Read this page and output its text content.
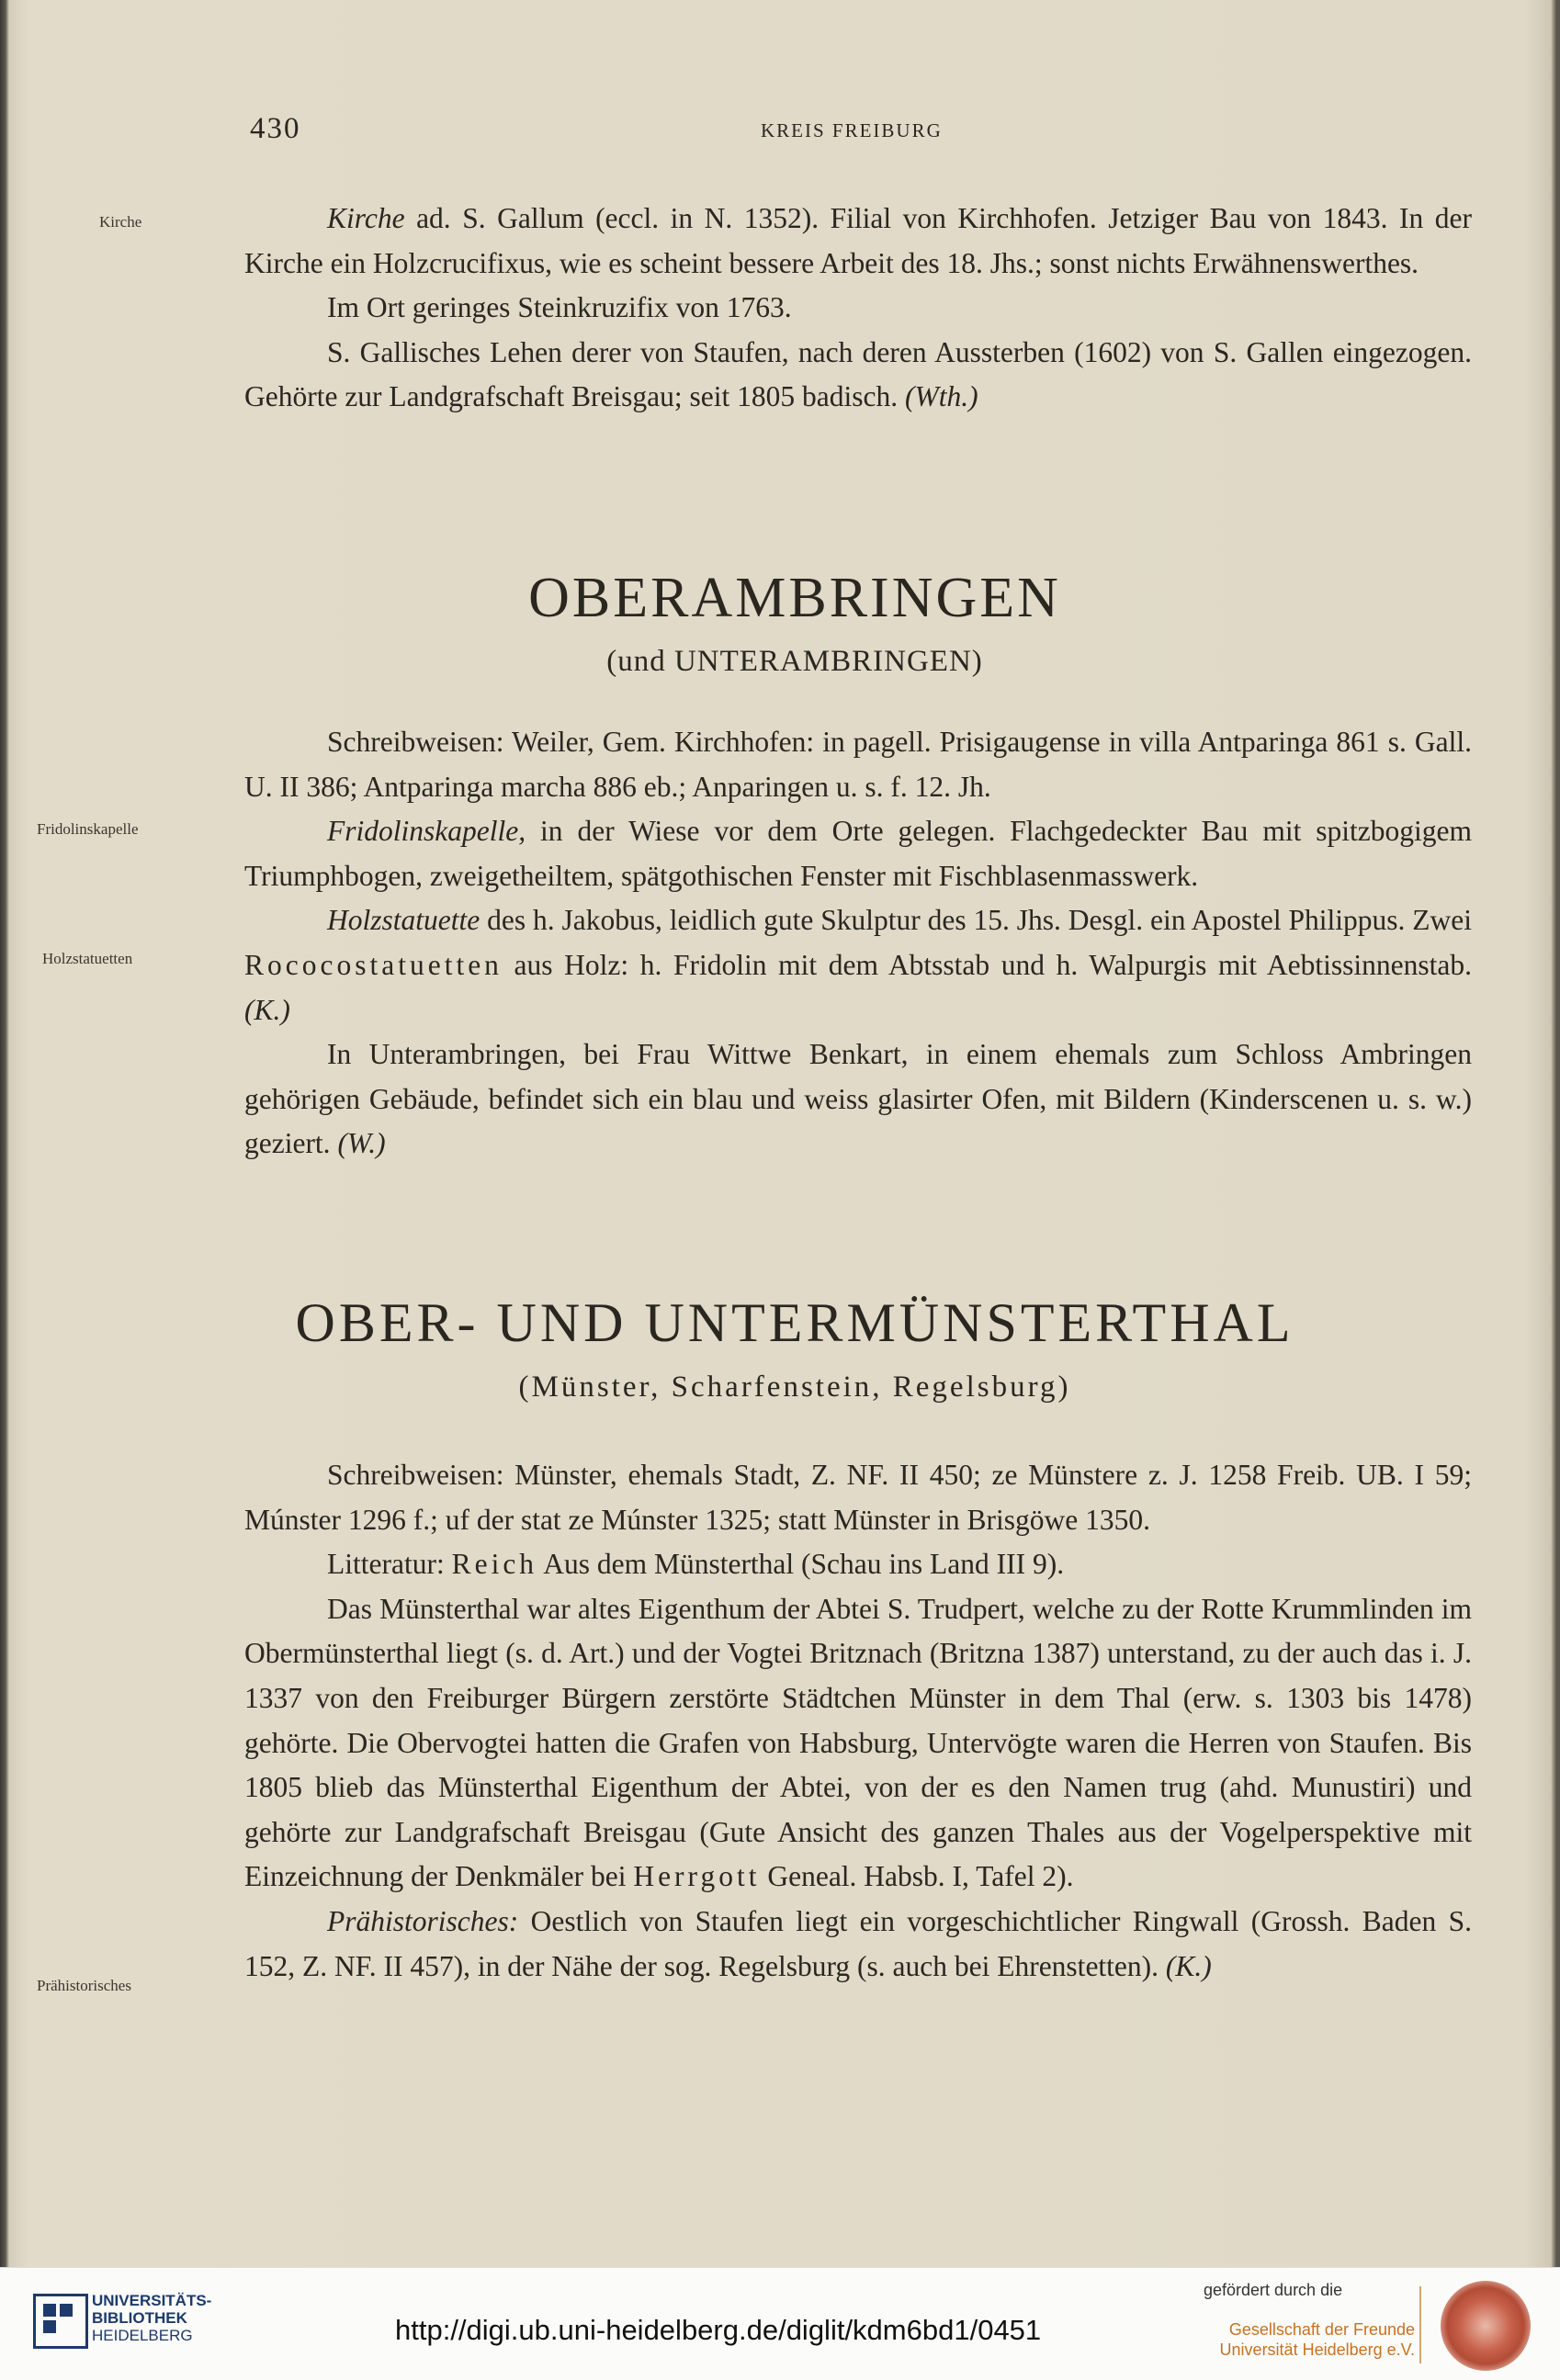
430	KREIS FREIBURG
Kirche
Fridolinskapelle
Holzstatuetten
Prähistorisches

Kirche ad. S. Gallum (eccl. in N. 1352). Filial von Kirchhofen. Jetziger Bau von 1843. In der Kirche ein Holzcrucifixus, wie es scheint bessere Arbeit des 18. Jhs.; sonst nichts Erwähnenswerthes.

Im Ort geringes Steinkruzifix von 1763.

S. Gallisches Lehen derer von Staufen, nach deren Aussterben (1602) von S. Gallen eingezogen. Gehörte zur Landgrafschaft Breisgau; seit 1805 badisch. (Wth.)

OBERAMBRINGEN
(und UNTERAMBRINGEN)

Schreibweisen: Weiler, Gem. Kirchhofen: in pagell. Prisigaugense in villa Antparinga 861 s. Gall. U. II 386; Antparinga marcha 886 eb.; Anparingen u. s. f. 12. Jh.

Fridolinskapelle, in der Wiese vor dem Orte gelegen. Flachgedeckter Bau mit spitzbogigem Triumphbogen, zweigetheiltem, spätgothischen Fenster mit Fischblasenmasswerk.

Holzstatuette des h. Jakobus, leidlich gute Skulptur des 15. Jhs. Desgl. ein Apostel Philippus. Zwei Rococostatuetten aus Holz: h. Fridolin mit dem Abtsstab und h. Walpurgis mit Aebtissinnenstab. (K.)

In Unterambringen, bei Frau Wittwe Benkart, in einem ehemals zum Schloss Ambringen gehörigen Gebäude, befindet sich ein blau und weiss glasirter Ofen, mit Bildern (Kinderscenen u. s. w.) geziert. (W.)

OBER- UND UNTERMÜNSTERTHAL
(Münster, Scharfenstein, Regelsburg)

Schreibweisen: Münster, ehemals Stadt, Z. NF. II 450; ze Münstere z. J. 1258 Freib. UB. I 59; Múnster 1296 f.; uf der stat ze Múnster 1325; statt Münster in Brisgöwe 1350.

Litteratur: Reich Aus dem Münsterthal (Schau ins Land III 9).

Das Münsterthal war altes Eigenthum der Abtei S. Trudpert, welche zu der Rotte Krummlinden im Obermünsterthal liegt (s. d. Art.) und der Vogtei Britznach (Britzna 1387) unterstand, zu der auch das i. J. 1337 von den Freiburger Bürgern zerstörte Städtchen Münster in dem Thal (erw. s. 1303 bis 1478) gehörte. Die Obervogtei hatten die Grafen von Habsburg, Untervögte waren die Herren von Staufen. Bis 1805 blieb das Münsterthal Eigenthum der Abtei, von der es den Namen trug (ahd. Munustiri) und gehörte zur Landgrafschaft Breisgau (Gute Ansicht des ganzen Thales aus der Vogelperspektive mit Einzeichnung der Denkmäler bei Herrgott Geneal. Habsb. I, Tafel 2).

Prähistorisches: Oestlich von Staufen liegt ein vorgeschichtlicher Ringwall (Grossh. Baden S. 152, Z. NF. II 457), in der Nähe der sog. Regelsburg (s. auch bei Ehrenstetten). (K.)

UNIVERSITÄTS-
BIBLIOTHEK
HEIDELBERG	http://digi.ub.uni-heidelberg.de/diglit/kdm6bd1/0451
gefördert durch die
Gesellschaft der Freunde
Universität Heidelberg e.V.
